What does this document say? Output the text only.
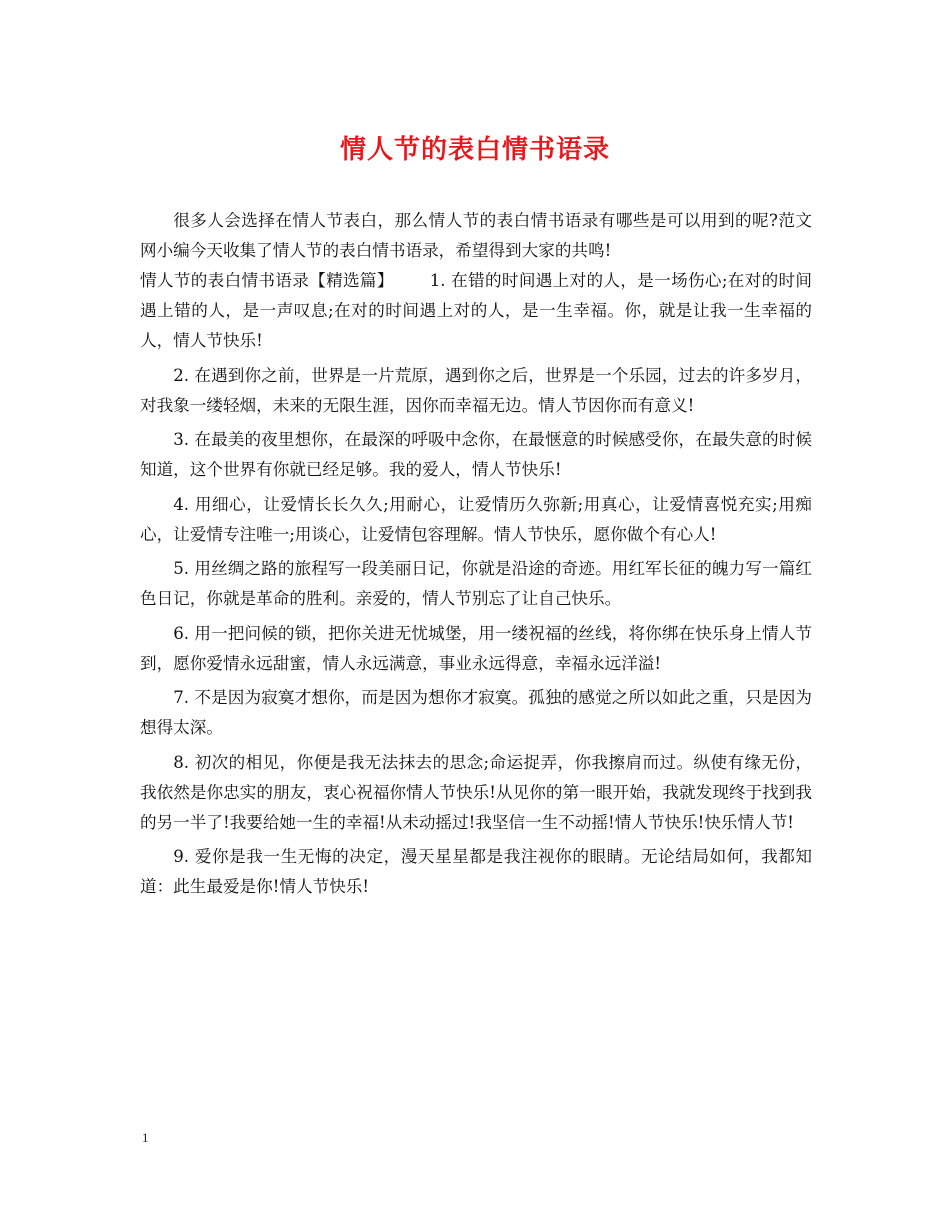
情人节的表白情书语录

很多人会选择在情人节表白，那么情人节的表白情书语录有哪些是可以用到的呢?范文网小编今天收集了情人节的表白情书语录，希望得到大家的共鸣!

情人节的表白情书语录【精选篇】 1. 在错的时间遇上对的人，是一场伤心;在对的时间遇上错的人，是一声叹息;在对的时间遇上对的人，是一生幸福。你，就是让我一生幸福的人，情人节快乐!

2. 在遇到你之前，世界是一片荒原，遇到你之后，世界是一个乐园，过去的许多岁月，对我象一缕轻烟，未来的无限生涯，因你而幸福无边。情人节因你而有意义!

3. 在最美的夜里想你，在最深的呼吸中念你，在最惬意的时候感受你，在最失意的时候知道，这个世界有你就已经足够。我的爱人，情人节快乐!

4. 用细心，让爱情长长久久;用耐心，让爱情历久弥新;用真心，让爱情喜悦充实;用痴心，让爱情专注唯一;用谈心，让爱情包容理解。情人节快乐，愿你做个有心人!

5. 用丝绸之路的旅程写一段美丽日记，你就是沿途的奇迹。用红军长征的魄力写一篇红色日记，你就是革命的胜利。亲爱的，情人节别忘了让自己快乐。

6. 用一把问候的锁，把你关进无忧城堡，用一缕祝福的丝线，将你绑在快乐身上情人节到，愿你爱情永远甜蜜，情人永远满意，事业永远得意，幸福永远洋溢!

7. 不是因为寂寞才想你，而是因为想你才寂寞。孤独的感觉之所以如此之重，只是因为想得太深。

8. 初次的相见，你便是我无法抹去的思念;命运捉弄，你我擦肩而过。纵使有缘无份，我依然是你忠实的朋友，衷心祝福你情人节快乐!从见你的第一眼开始，我就发现终于找到我的另一半了!我要给她一生的幸福!从未动摇过!我坚信一生不动摇!情人节快乐!快乐情人节!

9. 爱你是我一生无悔的决定，漫天星星都是我注视你的眼睛。无论结局如何，我都知道：此生最爱是你!情人节快乐!

1
